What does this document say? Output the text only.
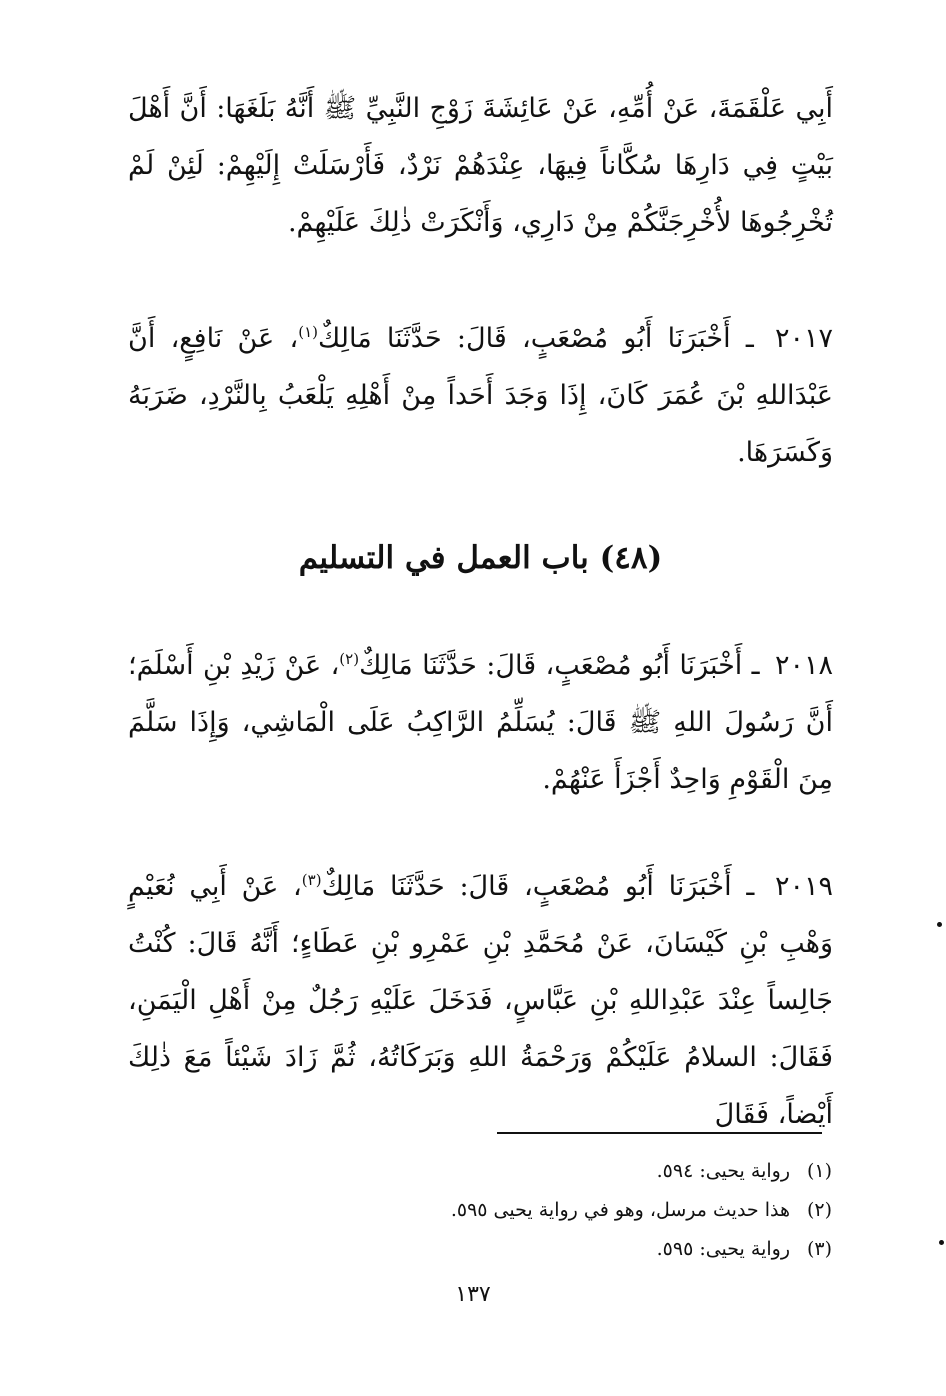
أَبِي عَلْقَمَةَ، عَنْ أُمِّهِ، عَنْ عَائِشَةَ زَوْجِ النَّبِيِّ ﷺ أَنَّهُ بَلَغَهَا: أَنَّ أَهْلَ بَيْتٍ فِي دَارِهَا سُكَّاناً فِيهَا، عِنْدَهُمْ نَرْدٌ، فَأَرْسَلَتْ إِلَيْهِمْ: لَئِنْ لَمْ تُخْرِجُوهَا لأُخْرِجَنَّكُمْ مِنْ دَارِي، وَأَنْكَرَتْ ذٰلِكَ عَلَيْهِمْ.

٢٠١٧ ـ أَخْبَرَنَا أَبُو مُصْعَبٍ، قَالَ: حَدَّثَنَا مَالِكٌ$^{(١)}$، عَنْ نَافِعٍ، أَنَّ عَبْدَاللهِ بْنَ عُمَرَ كَانَ، إِذَا وَجَدَ أَحَداً مِنْ أَهْلِهِ يَلْعَبُ بِالنَّرْدِ، ضَرَبَهُ وَكَسَرَهَا.

(٤٨) باب العمل في التسليم

٢٠١٨ ـ أَخْبَرَنَا أَبُو مُصْعَبٍ، قَالَ: حَدَّثَنَا مَالِكٌ$^{(٢)}$، عَنْ زَيْدِ بْنِ أَسْلَمَ؛ أَنَّ رَسُولَ اللهِ ﷺ قَالَ: يُسَلِّمُ الرَّاكِبُ عَلَى الْمَاشِي، وَإِذَا سَلَّمَ مِنَ الْقَوْمِ وَاحِدٌ أَجْزَأَ عَنْهُمْ.

٢٠١٩ ـ أَخْبَرَنَا أَبُو مُصْعَبٍ، قَالَ: حَدَّثَنَا مَالِكٌ$^{(٣)}$، عَنْ أَبِي نُعَيْمٍ وَهْبِ بْنِ كَيْسَانَ، عَنْ مُحَمَّدِ بْنِ عَمْرِو بْنِ عَطَاءٍ؛ أَنَّهُ قَالَ: كُنْتُ جَالِساً عِنْدَ عَبْدِاللهِ بْنِ عَبَّاسٍ، فَدَخَلَ عَلَيْهِ رَجُلٌ مِنْ أَهْلِ الْيَمَنِ، فَقَالَ: السلامُ عَلَيْكُمْ وَرَحْمَةُ اللهِ وَبَرَكَاتُهُ، ثُمَّ زَادَ شَيْئاً مَعَ ذٰلِكَ أَيْضاً، فَقَالَ

(١)رواية يحيى: ٥٩٤.

(٢)هذا حديث مرسل، وهو في رواية يحيى ٥٩٥.

(٣)رواية يحيى: ٥٩٥.

١٣٧
